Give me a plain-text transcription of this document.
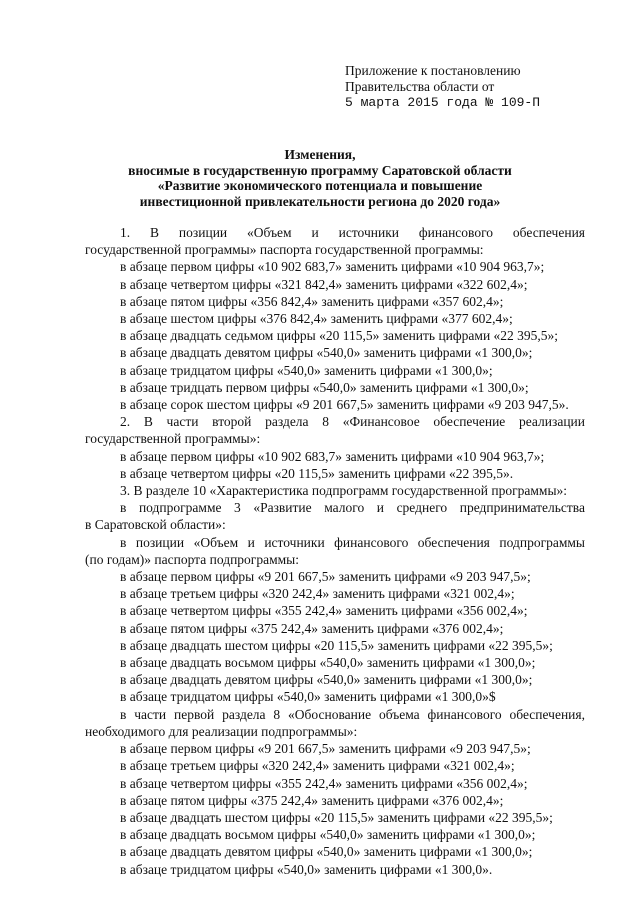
Приложение к постановлению
Правительства области от
5 марта 2015 года № 109-П
Изменения,
вносимые в государственную программу Саратовской области
«Развитие экономического потенциала и повышение
инвестиционной привлекательности региона до 2020 года»
1. В позиции «Объем и источники финансового обеспечения
государственной программы» паспорта государственной программы:
в абзаце первом цифры «10 902 683,7» заменить цифрами «10 904 963,7»;
в абзаце четвертом цифры «321 842,4» заменить цифрами «322 602,4»;
в абзаце пятом цифры «356 842,4» заменить цифрами «357 602,4»;
в абзаце шестом цифры «376 842,4» заменить цифрами «377 602,4»;
в абзаце двадцать седьмом цифры «20 115,5» заменить цифрами «22 395,5»;
в абзаце двадцать девятом цифры «540,0» заменить цифрами «1 300,0»;
в абзаце тридцатом цифры «540,0» заменить цифрами «1 300,0»;
в абзаце тридцать первом цифры «540,0» заменить цифрами «1 300,0»;
в абзаце сорок шестом цифры «9 201 667,5» заменить цифрами «9 203 947,5».
2. В части второй раздела 8 «Финансовое обеспечение реализации
государственной программы»:
в абзаце первом цифры «10 902 683,7» заменить цифрами «10 904 963,7»;
в абзаце четвертом цифры «20 115,5» заменить цифрами «22 395,5».
3. В разделе 10 «Характеристика подпрограмм государственной программы»:
в подпрограмме 3 «Развитие малого и среднего предпринимательства
в Саратовской области»:
в позиции «Объем и источники финансового обеспечения подпрограммы
(по годам)» паспорта подпрограммы:
в абзаце первом цифры «9 201 667,5» заменить цифрами «9 203 947,5»;
в абзаце третьем цифры «320 242,4» заменить цифрами «321 002,4»;
в абзаце четвертом цифры «355 242,4» заменить цифрами «356 002,4»;
в абзаце пятом цифры «375 242,4» заменить цифрами «376 002,4»;
в абзаце двадцать шестом цифры «20 115,5» заменить цифрами «22 395,5»;
в абзаце двадцать восьмом цифры «540,0» заменить цифрами «1 300,0»;
в абзаце двадцать девятом цифры «540,0» заменить цифрами «1 300,0»;
в абзаце тридцатом цифры «540,0» заменить цифрами «1 300,0»$
в части первой раздела 8 «Обоснование объема финансового обеспечения,
необходимого для реализации подпрограммы»:
в абзаце первом цифры «9 201 667,5» заменить цифрами «9 203 947,5»;
в абзаце третьем цифры «320 242,4» заменить цифрами «321 002,4»;
в абзаце четвертом цифры «355 242,4» заменить цифрами «356 002,4»;
в абзаце пятом цифры «375 242,4» заменить цифрами «376 002,4»;
в абзаце двадцать шестом цифры «20 115,5» заменить цифрами «22 395,5»;
в абзаце двадцать восьмом цифры «540,0» заменить цифрами «1 300,0»;
в абзаце двадцать девятом цифры «540,0» заменить цифрами «1 300,0»;
в абзаце тридцатом цифры «540,0» заменить цифрами «1 300,0».
